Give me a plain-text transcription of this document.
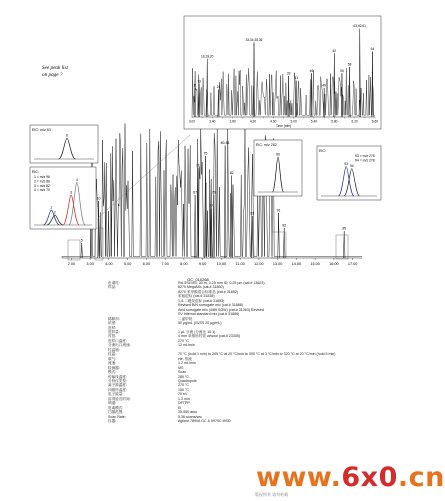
2.00	3.00	4.00	5.00	6.00	7.00	8.00	9.00	10.00 11.00 12.00 13.00 14.00 15.00 16.00 17.00
5
10
67
71
75
77
79
80,81
82
83
91
92
95
3.00	3.40	3.80	4.20	4.60	5.00	5.40	5.80	6.20	6.60
Time (min)
11
13
18,19,20
24
33,34,35,36
39
41
46
49
52
55
58
63,62,61
64
EIC: m/z 93
8
EIC:
1
2
3
4
1 = m/z 96
2 = m/z 86
3 = m/z 82
4 = m/z 70
EIC: m/z 252
90
EIC:
93
94
93 = m/z 276
94 = m/z 278
See peak list
on page ?
GC_010268
色谱柱:	Rxi-5Sil MS, 30 m, 0.25 mm ID, 0.25 μm (cat.# 13623)
样品:	8270 MegaMix (cat.# 31850)
8270 苯甲酸混合标准品 (cat.# 31852)
苯胺混标 (cat.# 31838)
1,4-二噁烷混标 (cat.# 31853)
Revised B/N surrogate mix (cat.# 31888)
Acid surrogate mix (4/89 SOW) (cat.# 31063) Revised
SV internal standard mix (cat.# 31886)
稀释剂:	二氯甲烷
浓度:	50 μg/mL (IS/SS 20 μg/mL)
进样:
进样量:	1 μL 分流 (分流比 10:1)
衬管:	4 mm 单锥形衬管 w/wool (cat.# 23305)
进样口温度:	270 °C
分流出口流速:	12 mL/min
柱温箱:
柱温:	70 °C (hold 1 min) to 265 °C at 20 °C/min to 305 °C at 3 °C/min to 320 °C at 20 °C/min (hold 5 min)
载气:	He, 恒流
流速:	1.2 mL/min
检测器:	MS
模式:	Scan
传输线温度:	280 °C
分析仪类型:	Quadrupole
离子源温度:	270 °C
四级杆温度:	150 °C
电子能量:	70 eV
溶剂延迟时间:	1.3 min
调谐:	DFTPP
电离模式:	EI
扫描范围:	35-550 amu
Scan Rate:	5.36 scans/sec
仪器:	Agilent 7890A GC & 5975C MSD
www.6x0.cn
版权所有 请勿转载
